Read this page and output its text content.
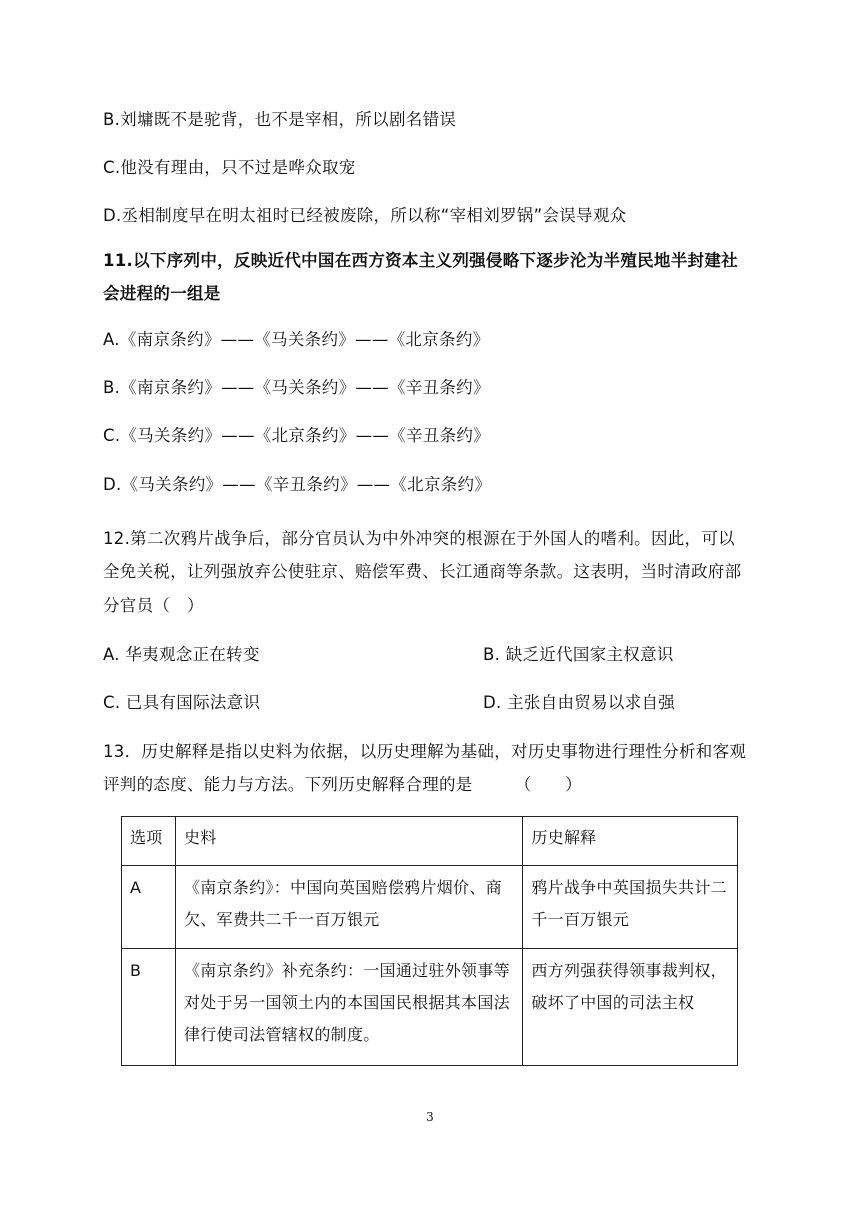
B.刘墉既不是驼背，也不是宰相，所以剧名错误
C.他没有理由，只不过是哗众取宠
D.丞相制度早在明太祖时已经被废除，所以称“宰相刘罗锅”会误导观众
11.以下序列中，反映近代中国在西方资本主义列强侵略下逐步沦为半殖民地半封建社
会进程的一组是
A.《南京条约》——《马关条约》——《北京条约》
B.《南京条约》——《马关条约》——《辛丑条约》
C.《马关条约》——《北京条约》——《辛丑条约》
D.《马关条约》——《辛丑条约》——《北京条约》
12.第二次鸦片战争后，部分官员认为中外冲突的根源在于外国人的嗜利。因此，可以
全免关税，让列强放弃公使驻京、赔偿军费、长江通商等条款。这表明，当时清政府部
分官员（　）
A. 华夷观念正在转变	B. 缺乏近代国家主权意识
C. 已具有国际法意识	D. 主张自由贸易以求自强
13．历史解释是指以史料为依据，以历史理解为基础，对历史事物进行理性分析和客观
评判的态度、能力与方法。下列历史解释合理的是　　　（　　）
选项	史料	历史解释
A	《南京条约》：中国向英国赔偿鸦片烟价、商欠、军费共二千一百万银元	鸦片战争中英国损失共计二千一百万银元
B	《南京条约》补充条约：一国通过驻外领事等对处于另一国领土内的本国国民根据其本国法律行使司法管辖权的制度。	西方列强获得领事裁判权，破坏了中国的司法主权
3
